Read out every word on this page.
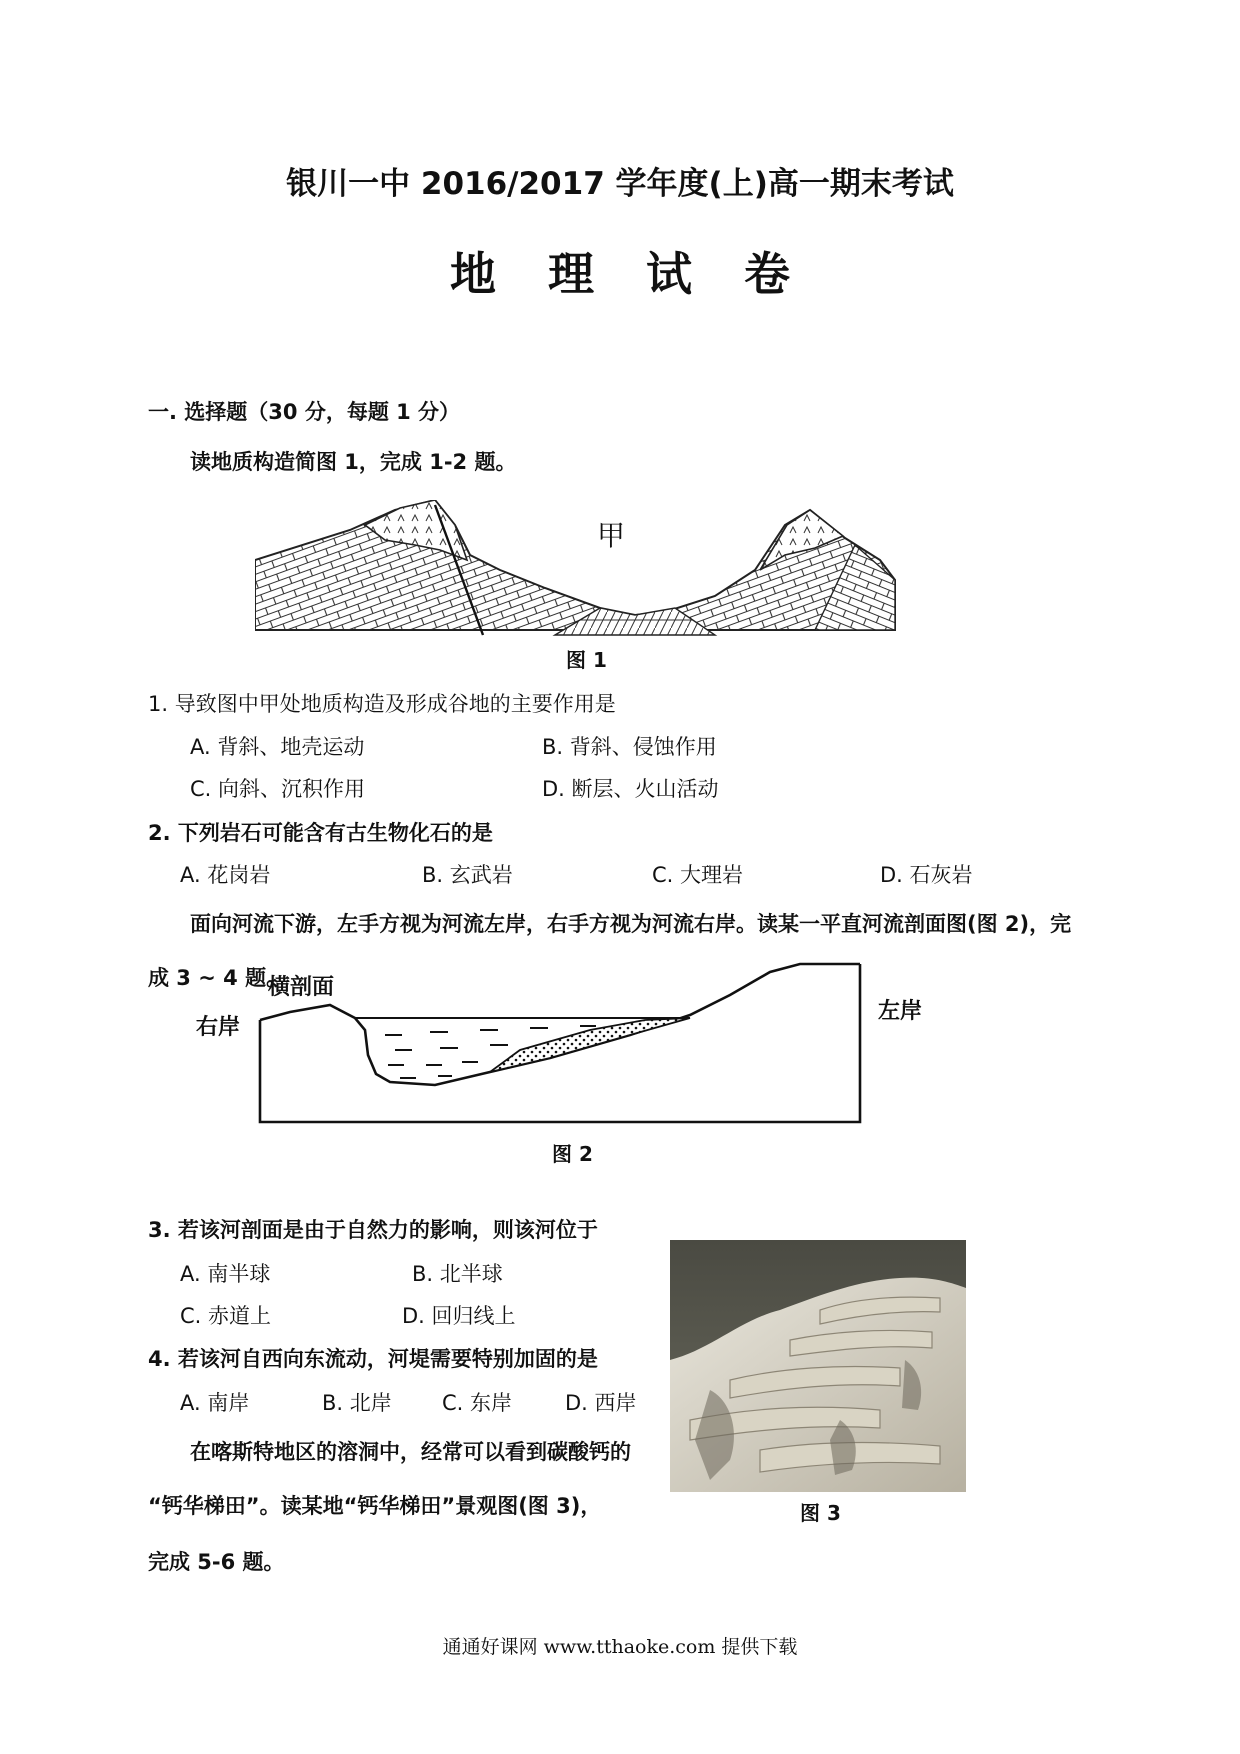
银川一中 2016/2017 学年度(上)高一期末考试
地理试卷
一. 选择题（30 分，每题 1 分）
读地质构造简图 1，完成 1-2 题。
甲
图 1
1. 导致图中甲处地质构造及形成谷地的主要作用是
A. 背斜、地壳运动	B. 背斜、侵蚀作用
C. 向斜、沉积作用	D. 断层、火山活动
2. 下列岩石可能含有古生物化石的是
A. 花岗岩	B. 玄武岩	C. 大理岩	D. 石灰岩
面向河流下游，左手方视为河流左岸，右手方视为河流右岸。读某一平直河流剖面图(图 2)，完
成 3 ~ 4 题。
横剖面
右岸
左岸
图 2
3. 若该河剖面是由于自然力的影响，则该河位于
A. 南半球	B. 北半球
C. 赤道上	D. 回归线上
4. 若该河自西向东流动，河堤需要特别加固的是
A. 南岸	B. 北岸 C. 东岸	D. 西岸
在喀斯特地区的溶洞中，经常可以看到碳酸钙的
“钙华梯田”。读某地“钙华梯田”景观图(图 3)，
完成 5-6 题。
图 3
通通好课网 www.tthaoke.com 提供下载
